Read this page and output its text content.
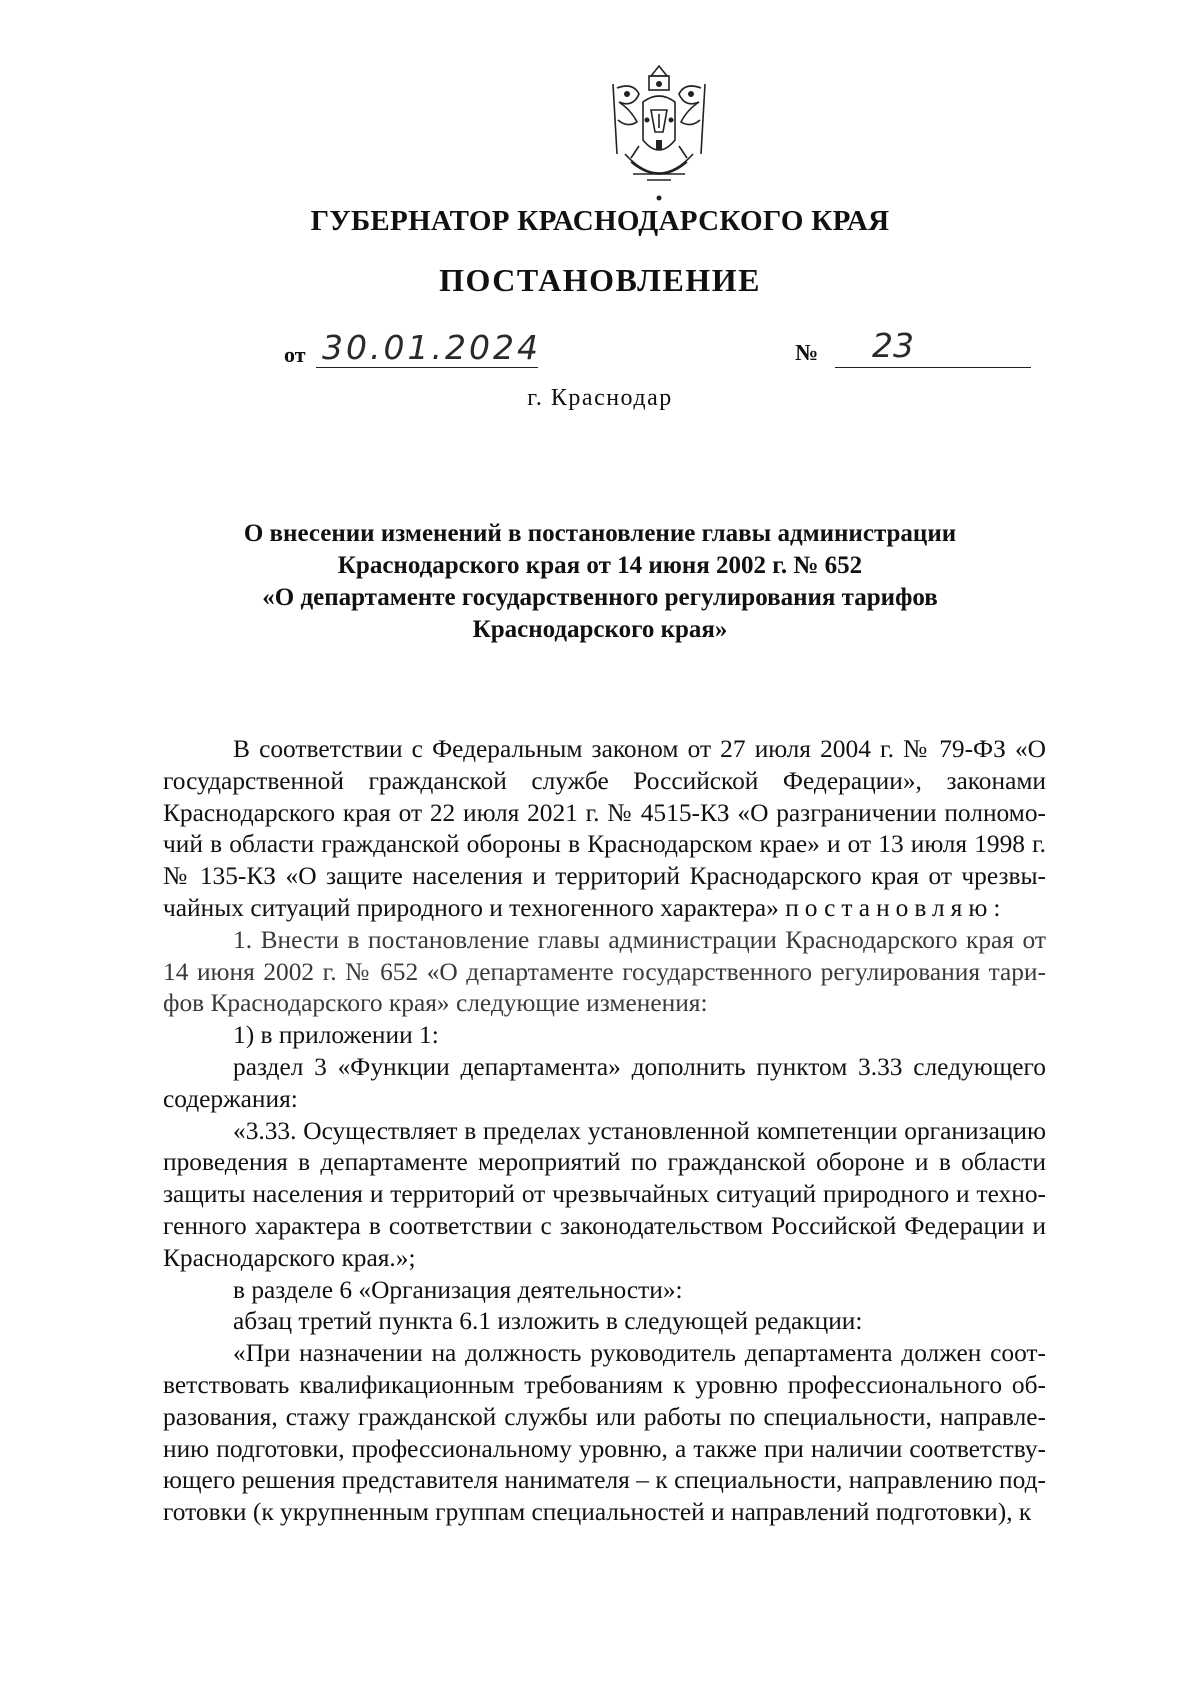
ГУБЕРНАТОР КРАСНОДАРСКОГО КРАЯ
ПОСТАНОВЛЕНИЕ
от 30.01.2024	№ 23
г. Краснодар
О внесении изменений в постановление главы администрации
Краснодарского края от 14 июня 2002 г. № 652
«О департаменте государственного регулирования тарифов
Краснодарского края»

В соответствии с Федеральным законом от 27 июля 2004 г. № 79-ФЗ «О государственной гражданской службе Российской Федерации», законами Краснодарского края от 22 июля 2021 г. № 4515-КЗ «О разграничении полномочий в области гражданской обороны в Краснодарском крае» и от 13 июля 1998 г. № 135-КЗ «О защите населения и территорий Краснодарского края от чрезвычайных ситуаций природного и техногенного характера» постановляю:

1. Внести в постановление главы администрации Краснодарского края от 14 июня 2002 г. № 652 «О департаменте государственного регулирования тарифов Краснодарского края» следующие изменения:

1) в приложении 1:

раздел 3 «Функции департамента» дополнить пунктом 3.33 следующего содержания:

«3.33. Осуществляет в пределах установленной компетенции организацию проведения в департаменте мероприятий по гражданской обороне и в области защиты населения и территорий от чрезвычайных ситуаций природного и техногенного характера в соответствии с законодательством Российской Федерации и Краснодарского края.»;

в разделе 6 «Организация деятельности»:

абзац третий пункта 6.1 изложить в следующей редакции:

«При назначении на должность руководитель департамента должен соответствовать квалификационным требованиям к уровню профессионального образования, стажу гражданской службы или работы по специальности, направлению подготовки, профессиональному уровню, а также при наличии соответствующего решения представителя нанимателя – к специальности, направлению подготовки (к укрупненным группам специальностей и направлений подготовки), к
